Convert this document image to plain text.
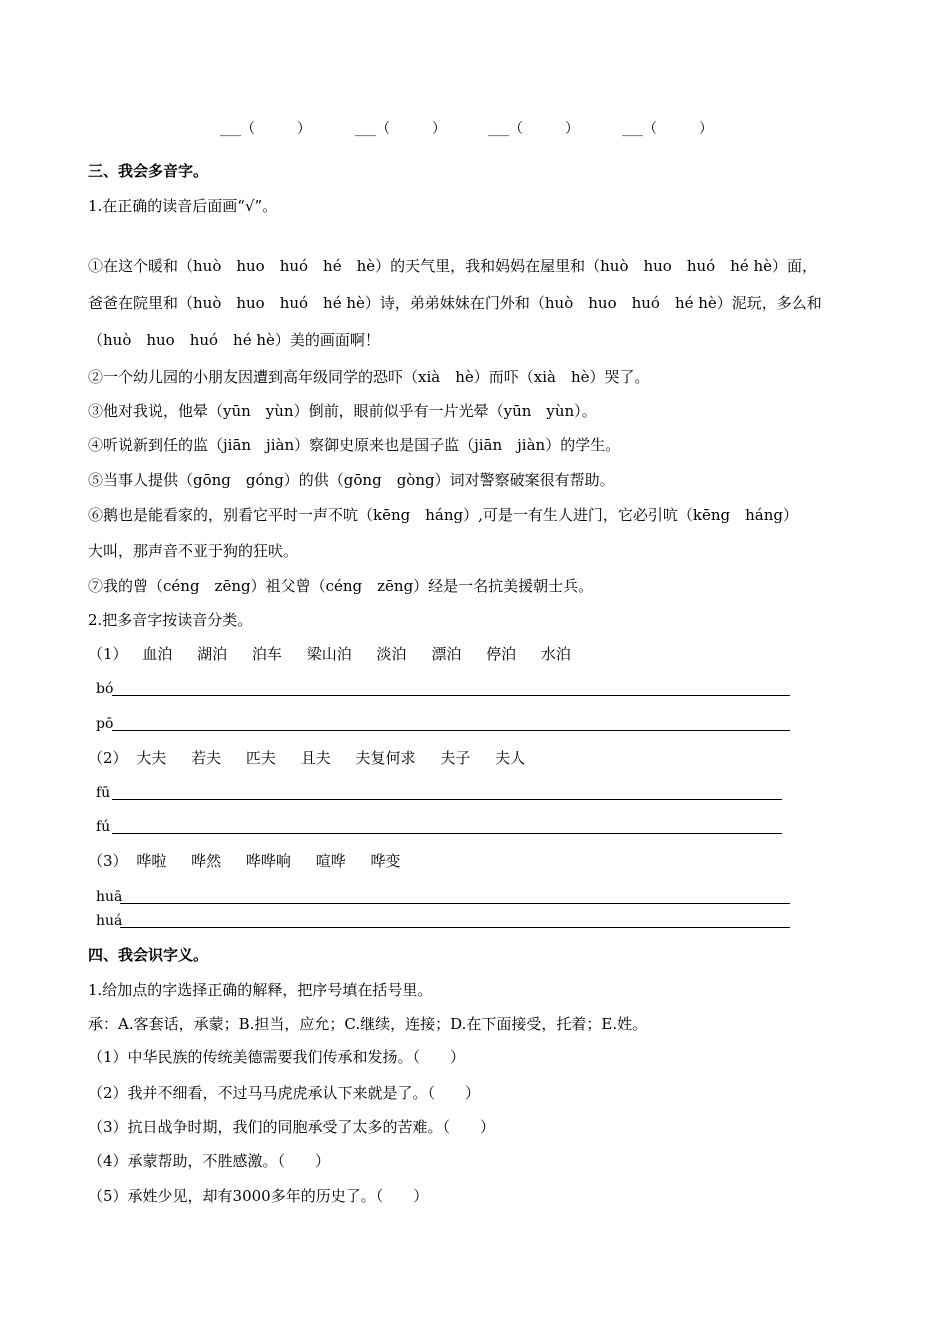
___（　　　）	___（　　　）	___（　　　）	___（　　　）
三、我会多音字。
1.在正确的读音后面画“√”。
①在这个暖和（huò　huo　huó　hé　hè）的天气里，我和妈妈在屋里和（huò　huo　huó　hé hè）面，
爸爸在院里和（huò　huo　huó　hé hè）诗，弟弟妹妹在门外和（huò　huo　huó　hé hè）泥玩，多么和
（huò　huo　huó　hé hè）美的画面啊！
②一个幼儿园的小朋友因遭到高年级同学的恐吓（xià　hè）而吓（xià　hè）哭了。
③他对我说，他晕（yūn　yùn）倒前，眼前似乎有一片光晕（yūn　yùn）。
④听说新到任的监（jiān　jiàn）察御史原来也是国子监（jiān　jiàn）的学生。
⑤当事人提供（gōng　góng）的供（gōng　gòng）词对警察破案很有帮助。
⑥鹅也是能看家的，别看它平时一声不吭（kēng　háng）,可是一有生人进门，它必引吭（kēng　háng）
大叫，那声音不亚于狗的狂吠。
⑦我的曾（céng　zēng）祖父曾（céng　zēng）经是一名抗美援朝士兵。
2.把多音字按读音分类。
（1） 血泊 湖泊 泊车 梁山泊 淡泊 漂泊 停泊 水泊
bó
pō
（2） 大夫 若夫 匹夫 且夫 夫复何求 夫子 夫人
fū
fú
（3） 哗啦 哗然 哗哗响 喧哗 哗变
huā
huá
四、我会识字义。
1.给加点的字选择正确的解释，把序号填在括号里。
承：A.客套话，承蒙；B.担当，应允；C.继续，连接；D.在下面接受，托着；E.姓。
（1）中华民族的传统美德需要我们传承和发扬。（　　）
（2）我并不细看，不过马马虎虎承认下来就是了。（　　）
（3）抗日战争时期，我们的同胞承受了太多的苦难。（　　）
（4）承蒙帮助，不胜感激。（　　）
（5）承姓少见，却有3000多年的历史了。（　　）
